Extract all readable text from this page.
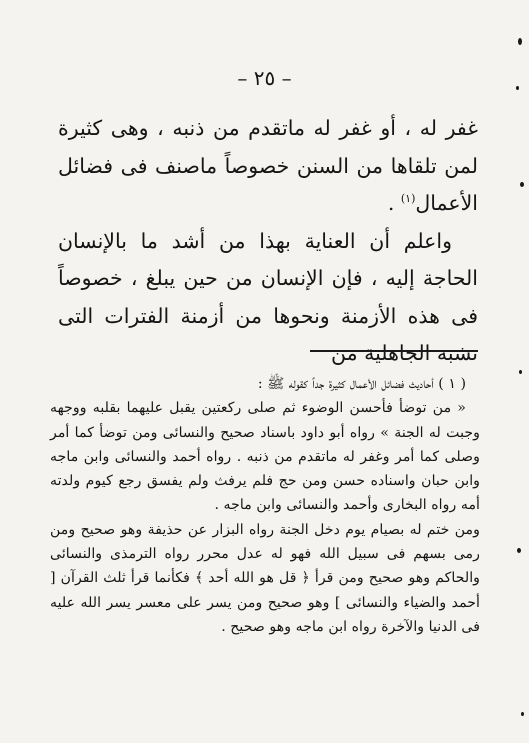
– ٢٥ –

غفر له ، أو غفر له ماتقدم من ذنبه ، وهى كثيرة لمن تلقاها من السنن خصوصاً ماصنف فى فضائل الأعمال$^{(١)}$ .

واعلم أن العناية بهذا من أشد ما بالإنسان الحاجة إليه ، فإن الإنسان من حين يبلغ ، خصوصاً فى هذه الأزمنة ونحوها من أزمنة الفترات التى تشبه الجاهلية من

( ١ ) أحاديث فضائل الأعمال كثيرة جداً كقوله ﷺ :

« من توضأ فأحسن الوضوء ثم صلى ركعتين يقبل عليهما بقلبه ووجهه وجبت له الجنة » رواه أبو داود باسناد صحيح والنسائى ومن توضأ كما أمر وصلى كما أمر وغفر له ماتقدم من ذنبه . رواه أحمد والنسائى وابن ماجه وابن حبان واسناده حسن ومن حج فلم يرفث ولم يفسق رجع كيوم ولدته أمه رواه البخارى وأحمد والنسائى وابن ماجه .

ومن ختم له بصيام يوم دخل الجنة رواه البزار عن حذيفة وهو صحيح ومن رمى بسهم فى سبيل الله فهو له عدل محرر رواه الترمذى والنسائى والحاكم وهو صحيح ومن قرأ ﴿ قل هو الله أحد ﴾ فكأنما قرأ ثلث القرآن [ أحمد والضياء والنسائى ] وهو صحيح ومن يسر على معسر يسر الله عليه فى الدنيا والآخرة رواه ابن ماجه وهو صحيح .
